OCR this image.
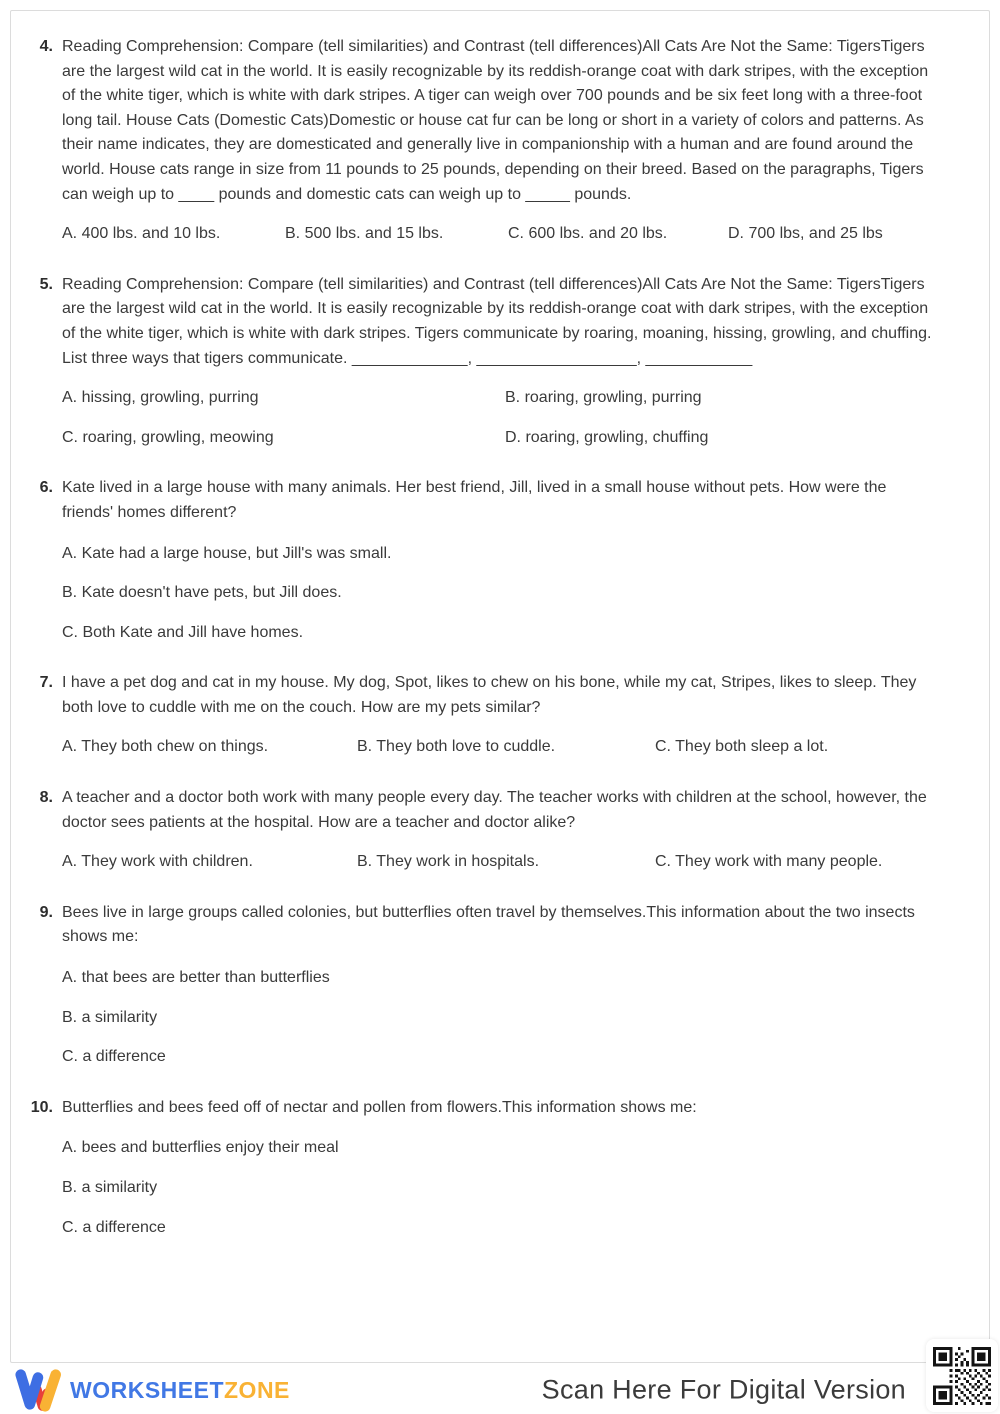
4. Reading Comprehension: Compare (tell similarities) and Contrast (tell differences)All Cats Are Not the Same: TigersTigers are the largest wild cat in the world. It is easily recognizable by its reddish-orange coat with dark stripes, with the exception of the white tiger, which is white with dark stripes. A tiger can weigh over 700 pounds and be six feet long with a three-foot long tail. House Cats (Domestic Cats)Domestic or house cat fur can be long or short in a variety of colors and patterns. As their name indicates, they are domesticated and generally live in companionship with a human and are found around the world. House cats range in size from 11 pounds to 25 pounds, depending on their breed. Based on the paragraphs, Tigers can weigh up to ____ pounds and domestic cats can weigh up to _____ pounds.
A. 400 lbs. and 10 lbs.	B. 500 lbs. and 15 lbs.	C. 600 lbs. and 20 lbs.	D. 700 lbs, and 25 lbs
5. Reading Comprehension: Compare (tell similarities) and Contrast (tell differences)All Cats Are Not the Same: TigersTigers are the largest wild cat in the world. It is easily recognizable by its reddish-orange coat with dark stripes, with the exception of the white tiger, which is white with dark stripes. Tigers communicate by roaring, moaning, hissing, growling, and chuffing. List three ways that tigers communicate. _____________, __________________, ____________
A. hissing, growling, purring	B. roaring, growling, purring
C. roaring, growling, meowing	D. roaring, growling, chuffing
6. Kate lived in a large house with many animals. Her best friend, Jill, lived in a small house without pets. How were the friends' homes different?
A. Kate had a large house, but Jill's was small.
B. Kate doesn't have pets, but Jill does.
C. Both Kate and Jill have homes.
7. I have a pet dog and cat in my house. My dog, Spot, likes to chew on his bone, while my cat, Stripes, likes to sleep. They both love to cuddle with me on the couch. How are my pets similar?
A. They both chew on things.	B. They both love to cuddle.	C. They both sleep a lot.
8. A teacher and a doctor both work with many people every day. The teacher works with children at the school, however, the doctor sees patients at the hospital. How are a teacher and doctor alike?
A. They work with children.	B. They work in hospitals.	C. They work with many people.
9. Bees live in large groups called colonies, but butterflies often travel by themselves.This information about the two insects shows me:
A. that bees are better than butterflies
B. a similarity
C. a difference
10. Butterflies and bees feed off of nectar and pollen from flowers.This information shows me:
A. bees and butterflies enjoy their meal
B. a similarity
C. a difference
WORKSHEETZONE	Scan Here For Digital Version
